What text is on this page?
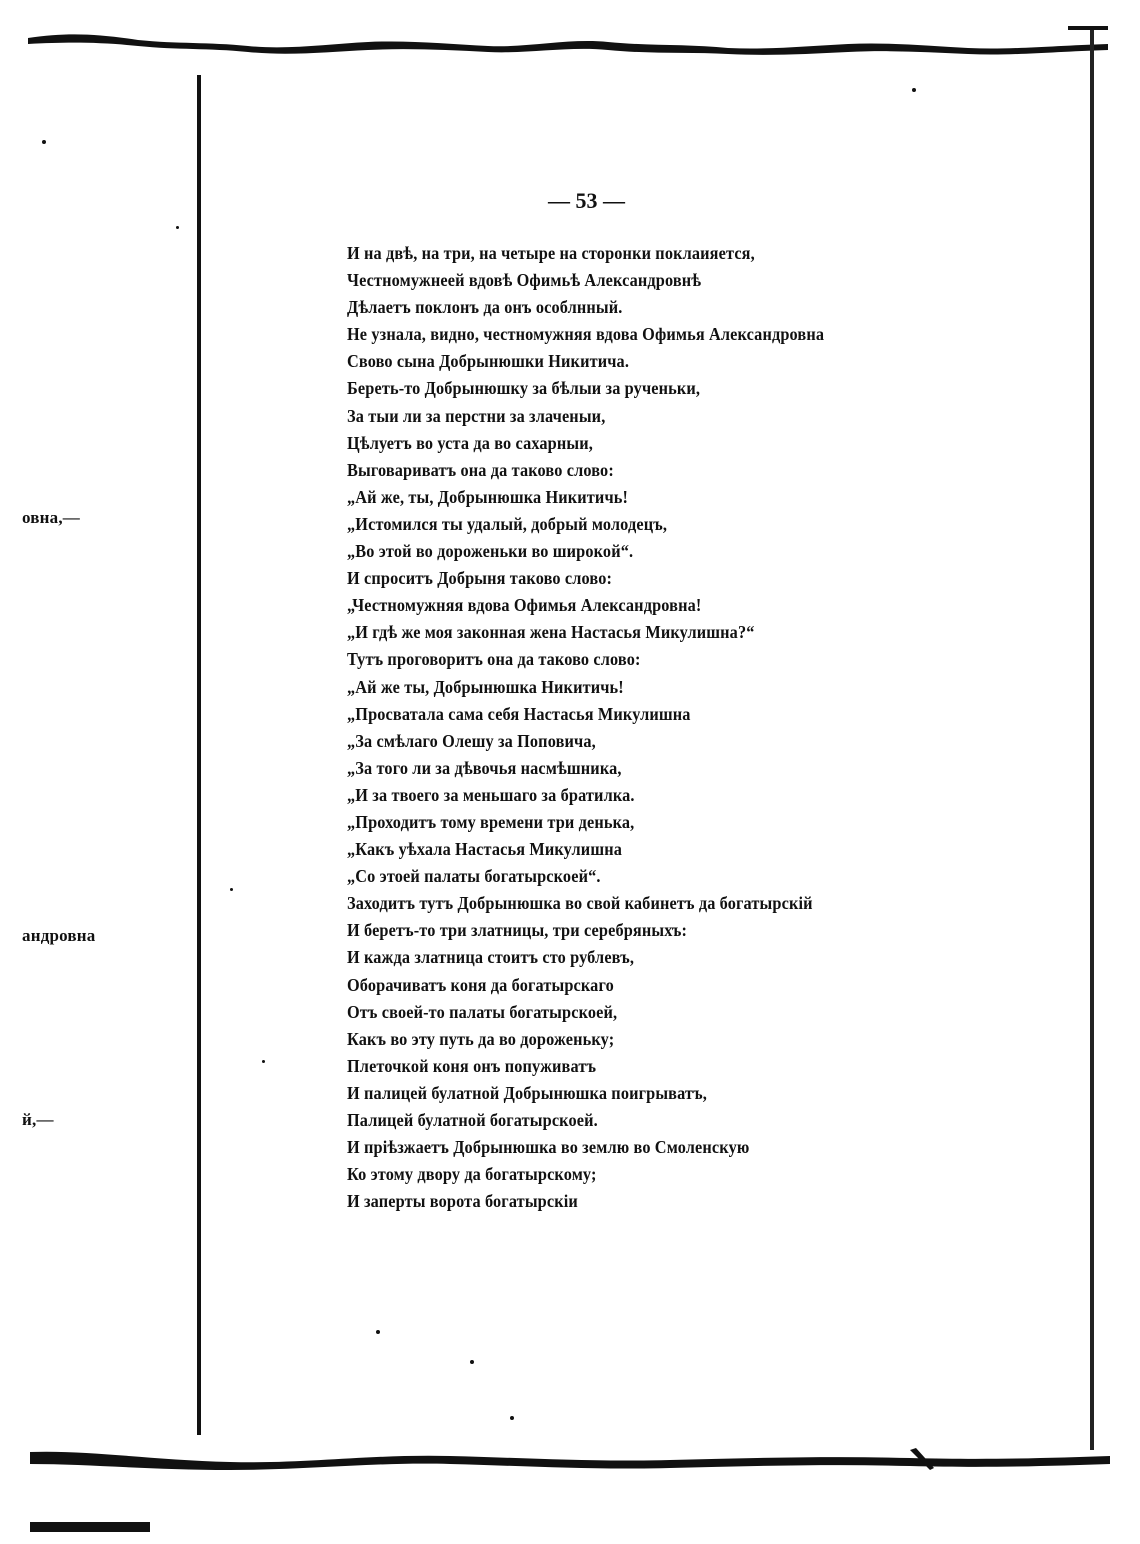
овна,—
андровна
й,—
— 53 —
И на двѣ, на три, на четыре на сторонки поклаияется,
Честномужнеей вдовѣ Офимьѣ Александровнѣ
Дѣлаетъ поклонъ да онъ особлнный.
Не узнала, видно, честномужняя вдова Офимья Александровна
Свово сына Добрынюшки Никитича.
Береть-то Добрынюшку за бѣлыи за рученьки,
За тыи ли за перстни за злаченыи,
Цѣлуетъ во уста да во сахарныи,
Выговариватъ она да таково слово:
„Ай же, ты, Добрынюшка Никитичь!
„Истомился ты удалый, добрый молодецъ,
„Во этой во дороженьки во широкой“.
И спроситъ Добрыня таково слово:
„Честномужняя вдова Офимья Александровна!
„И гдѣ же моя законная жена Настасья Микулишна?“
Тутъ проговоритъ она да таково слово:
„Ай же ты, Добрынюшка Никитичь!
„Просватала сама себя Настасья Микулишна
„За смѣлаго Олешу за Поповича,
„За того ли за дѣвочья насмѣшника,
„И за твоего за меньшаго за братилка.
„Проходитъ тому времени три денька,
„Какъ уѣхала Настасья Микулишна
„Со этоей палаты богатырскоей“.
Заходитъ тутъ Добрынюшка во свой кабинетъ да богатырскій
И беретъ-то три златницы, три серебряныхъ:
И кажда златница стоитъ сто рублевъ,
Оборачиватъ коня да богатырскаго
Отъ своей-то палаты богатырскоей,
Какъ во эту путь да во дороженьку;
Плеточкой коня онъ попуживатъ
И палицей булатной Добрынюшка поигрыватъ,
Палицей булатной богатырскоей.
И пріѣзжаетъ Добрынюшка во землю во Смоленскую
Ко этому двору да богатырскому;
И заперты ворота богатырскіи
